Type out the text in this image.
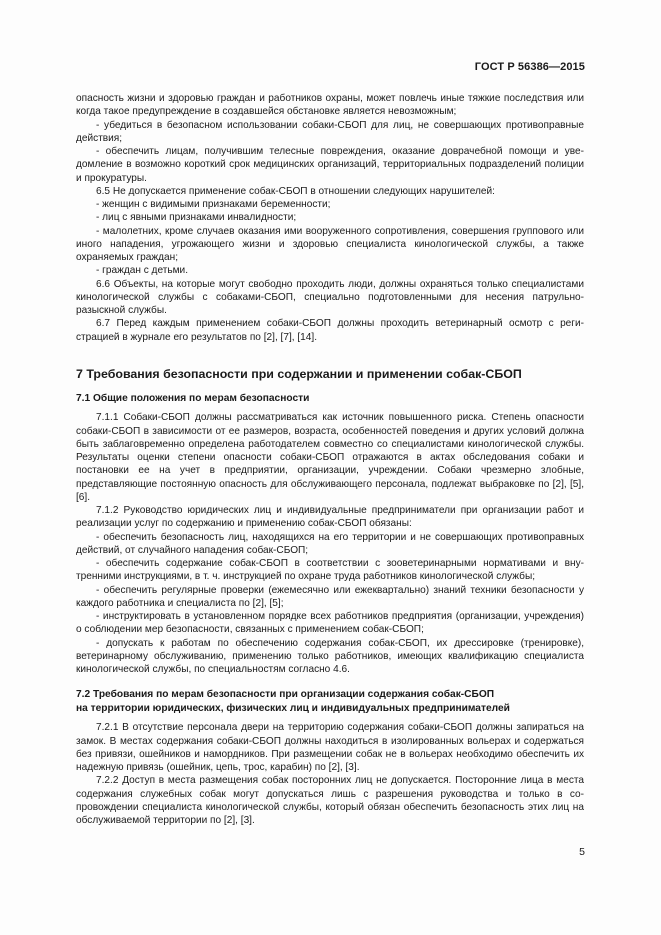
ГОСТ Р 56386—2015

опасность жизни и здоровью граждан и работников охраны, может повлечь иные тяжкие последствия или когда такое предупреждение в создавшейся обстановке является невозможным;

- убедиться в безопасном использовании собаки-СБОП для лиц, не совершающих противоправные действия;

- обеспечить лицам, получившим телесные повреждения, оказание доврачебной помощи и уведомление в возможно короткий срок медицинских организаций, территориальных подразделений полиции и прокуратуры.

6.5 Не допускается применение собак-СБОП в отношении следующих нарушителей:

- женщин с видимыми признаками беременности;

- лиц с явными признаками инвалидности;

- малолетних, кроме случаев оказания ими вооруженного сопротивления, совершения группового или иного нападения, угрожающего жизни и здоровью специалиста кинологической службы, а также охраняемых граждан;

- граждан с детьми.

6.6 Объекты, на которые могут свободно проходить люди, должны охраняться только специалистами кинологической службы с собаками-СБОП, специально подготовленными для несения патрульно-разыскной службы.

6.7 Перед каждым применением собаки-СБОП должны проходить ветеринарный осмотр с регистрацией в журнале его результатов по [2], [7], [14].

7 Требования безопасности при содержании и применении собак-СБОП
7.1 Общие положения по мерам безопасности

7.1.1 Собаки-СБОП должны рассматриваться как источник повышенного риска. Степень опасности собаки-СБОП в зависимости от ее размеров, возраста, особенностей поведения и других условий должна быть заблаговременно определена работодателем совместно со специалистами кинологической службы. Результаты оценки степени опасности собаки-СБОП отражаются в актах обследования собаки и постановки ее на учет в предприятии, организации, учреждении. Собаки чрезмерно злобные, представляющие постоянную опасность для обслуживающего персонала, подлежат выбраковке по [2], [5], [6].

7.1.2 Руководство юридических лиц и индивидуальные предприниматели при организации работ и реализации услуг по содержанию и применению собак-СБОП обязаны:

- обеспечить безопасность лиц, находящихся на его территории и не совершающих противоправных действий, от случайного нападения собак-СБОП;

- обеспечить содержание собак-СБОП в соответствии с зооветеринарными нормативами и внутренними инструкциями, в т. ч. инструкцией по охране труда работников кинологической службы;

- обеспечить регулярные проверки (ежемесячно или ежеквартально) знаний техники безопасности у каждого работника и специалиста по [2], [5];

- инструктировать в установленном порядке всех работников предприятия (организации, учреждения) о соблюдении мер безопасности, связанных с применением собак-СБОП;

- допускать к работам по обеспечению содержания собак-СБОП, их дрессировке (тренировке), ветеринарному обслуживанию, применению только работников, имеющих квалификацию специалиста кинологической службы, по специальностям согласно 4.6.

7.2 Требования по мерам безопасности при организации содержания собак-СБОП
на территории юридических, физических лиц и индивидуальных предпринимателей

7.2.1 В отсутствие персонала двери на территорию содержания собаки-СБОП должны запираться на замок. В местах содержания собаки-СБОП должны находиться в изолированных вольерах и содержаться без привязи, ошейников и намордников. При размещении собак не в вольерах необходимо обеспечить их надежную привязь (ошейник, цепь, трос, карабин) по [2], [3].

7.2.2 Доступ в места размещения собак посторонних лиц не допускается. Посторонние лица в места содержания служебных собак могут допускаться лишь с разрешения руководства и только в сопровождении специалиста кинологической службы, который обязан обеспечить безопасность этих лиц на обслуживаемой территории по [2], [3].

5
